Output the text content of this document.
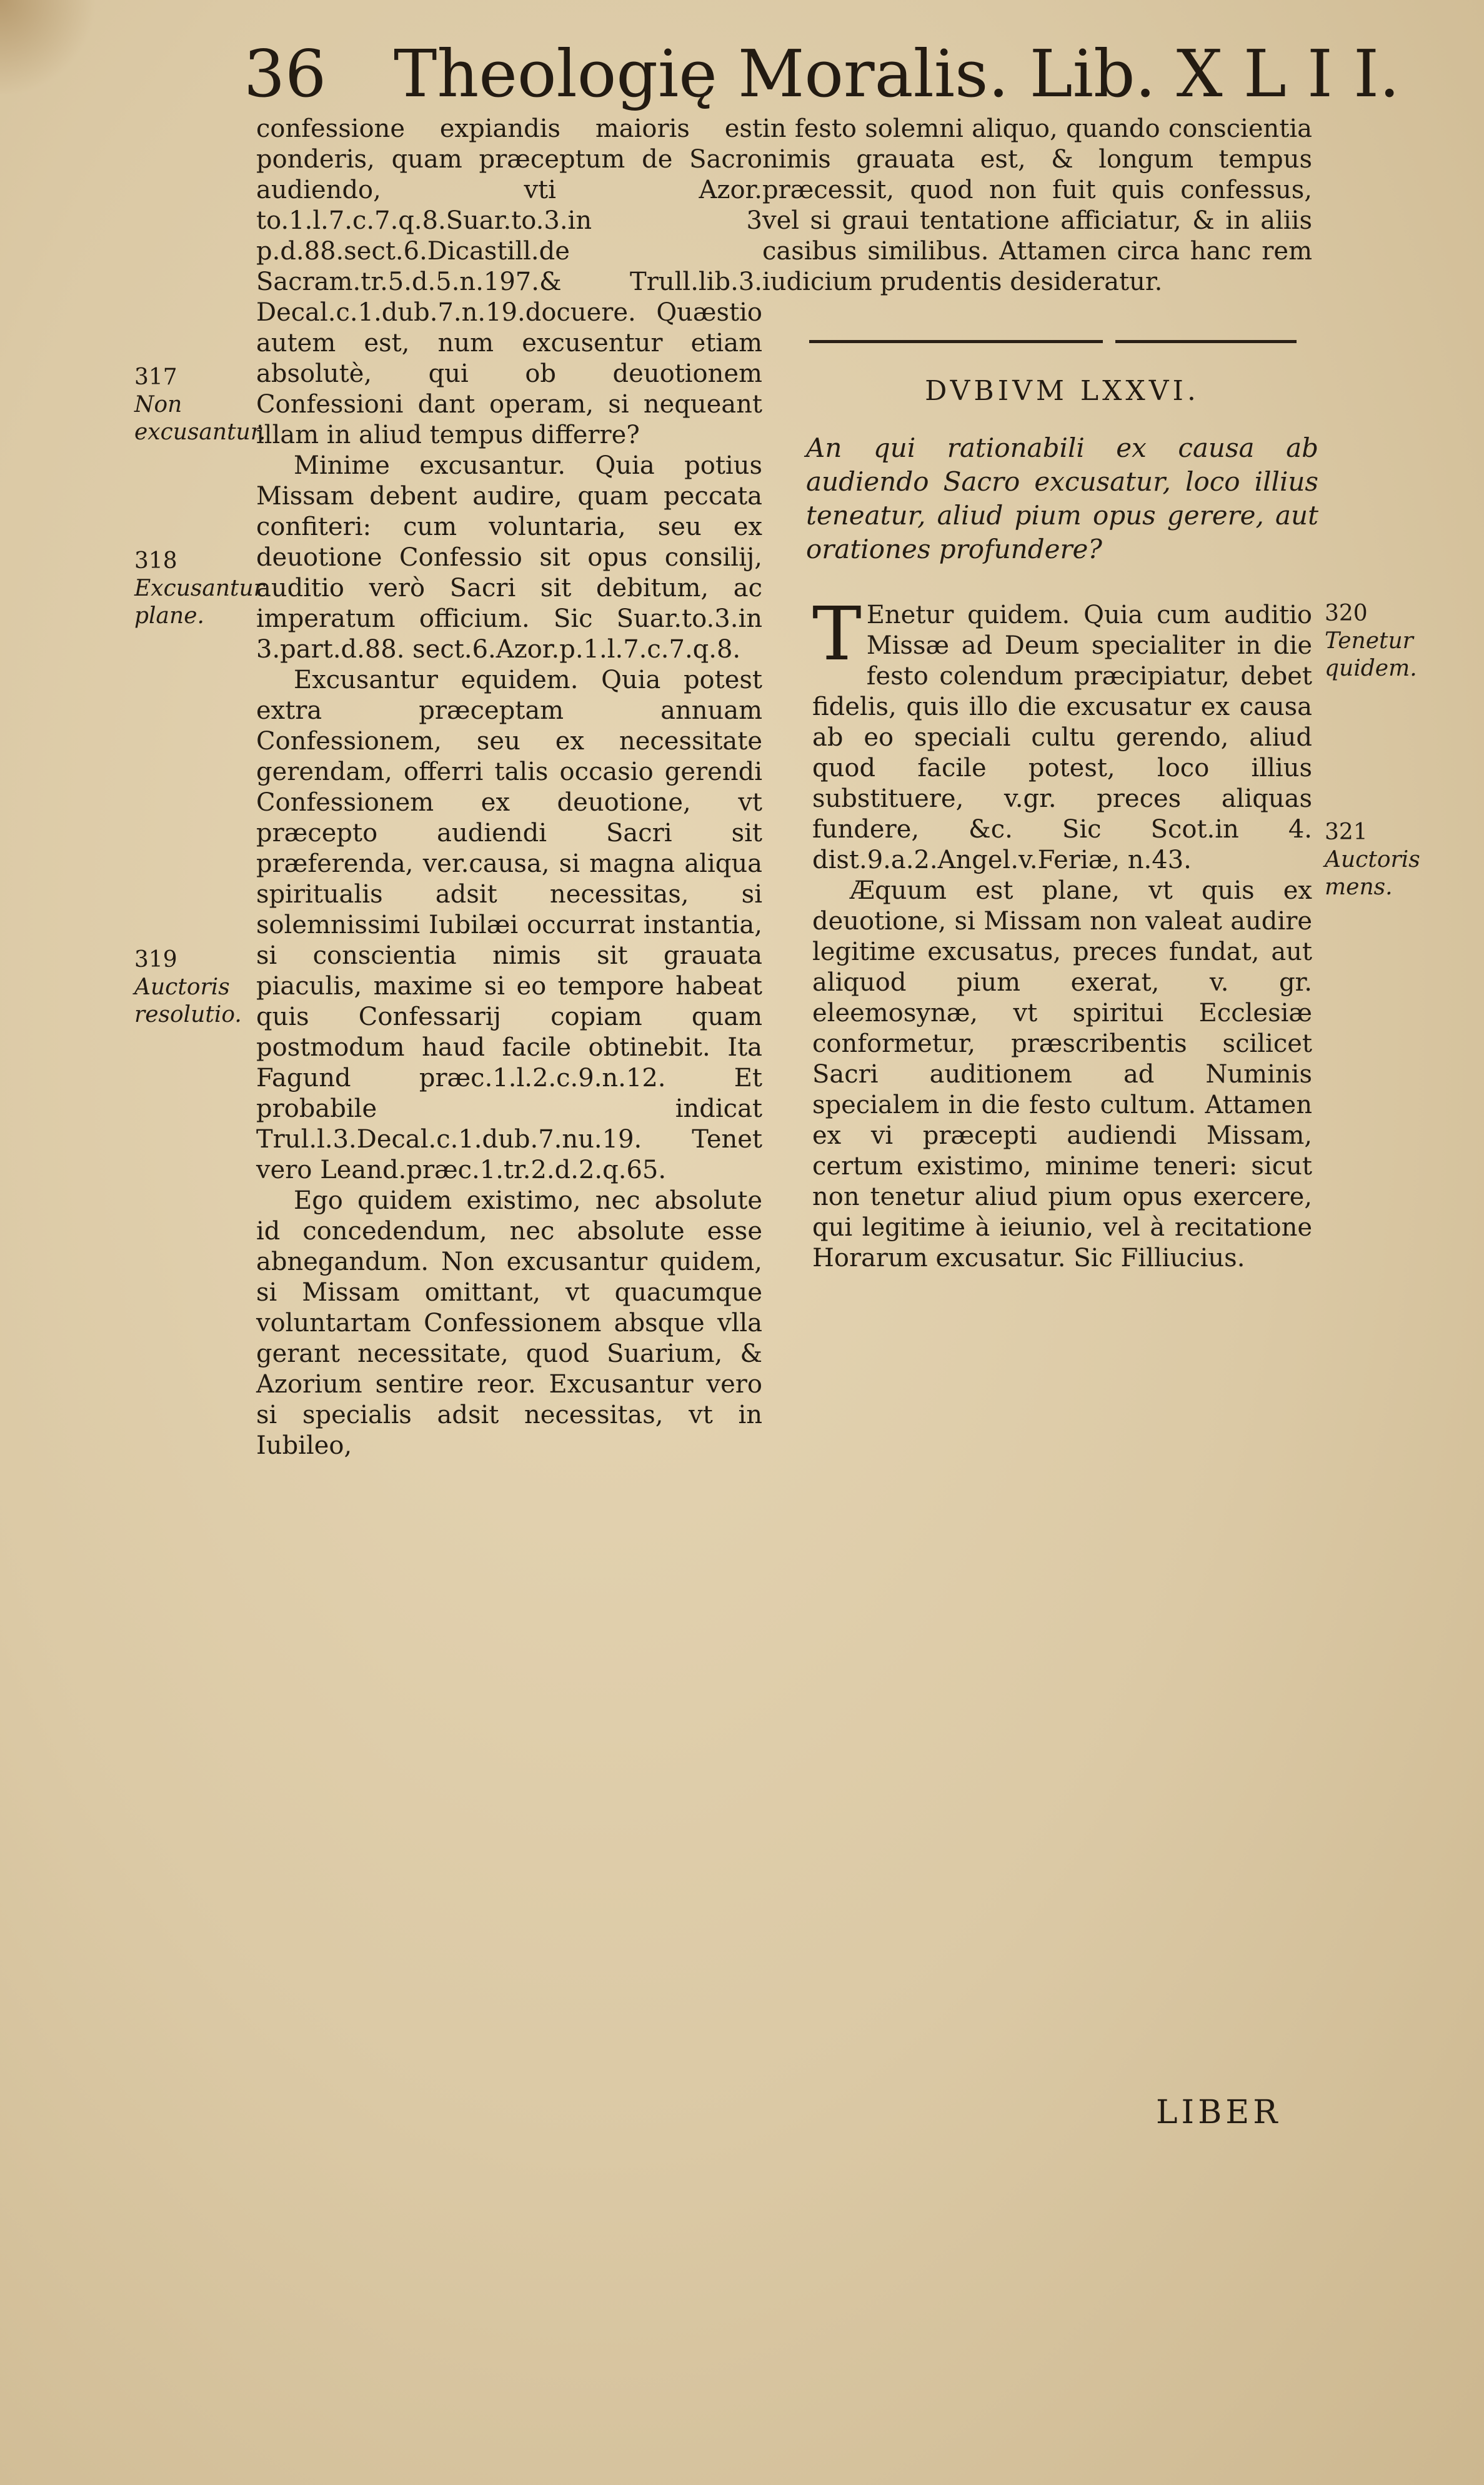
36 Theologię Moralis. Lib. X L I I.

confessione expiandis maioris est ponderis, quam præceptum de Sacro audiendo, vti Azor. to.1.l.7.c.7.q.8.Suar.to.3.in 3 p.d.88.sect.6.Dicastill.de Sacram.tr.5.d.5.n.197.& Trull.lib.3. Decal.c.1.dub.7.n.19.docuere. Quæstio autem est, num excusentur etiam absolutè, qui ob deuotionem Confessioni dant operam, si nequeant illam in aliud tempus differre?

Minime excusantur. Quia potius Missam debent audire, quam peccata confiteri: cum voluntaria, seu ex deuotione Confessio sit opus consilij, auditio verò Sacri sit debitum, ac imperatum officium. Sic Suar.to.3.in 3.part.d.88. sect.6.Azor.p.1.l.7.c.7.q.8.

Excusantur equidem. Quia potest extra præceptam annuam Confessionem, seu ex necessitate gerendam, offerri talis occasio gerendi Confessionem ex deuotione, vt præcepto audiendi Sacri sit præferenda, ver.causa, si magna aliqua spiritualis adsit necessitas, si solemnissimi Iubilæi occurrat instantia, si conscientia nimis sit grauata piaculis, maxime si eo tempore habeat quis Confessarij copiam quam postmodum haud facile obtinebit. Ita Fagund præc.1.l.2.c.9.n.12. Et probabile indicat Trul.l.3.Decal.c.1.dub.7.nu.19. Tenet vero Leand.præc.1.tr.2.d.2.q.65.

Ego quidem existimo, nec absolute id concedendum, nec absolute esse abnegandum. Non excusantur quidem, si Missam omittant, vt quacumque voluntartam Confessionem absque vlla gerant necessitate, quod Suarium, & Azorium sentire reor. Excusantur vero si specialis adsit necessitas, vt in Iubileo,

317
Non excusantur.
318
Excusantur plane.
319
Auctoris resolutio.

in festo solemni aliquo, quando conscientia nimis grauata est, & longum tempus præcessit, quod non fuit quis confessus, vel si graui tentatione afficiatur, & in aliis casibus similibus. Attamen circa hanc rem iudicium prudentis desideratur.

DVBIVM LXXVI.
An qui rationabili ex causa ab audiendo Sacro excusatur, loco illius teneatur, aliud pium opus gerere, aut orationes profundere?

T Enetur quidem. Quia cum auditio Missæ ad Deum specialiter in die festo colendum præcipiatur, debet fidelis, quis illo die excusatur ex causa ab eo speciali cultu gerendo, aliud quod facile potest, loco illius substituere, v.gr. preces aliquas fundere, &c. Sic Scot.in 4. dist.9.a.2.Angel.v.Feriæ, n.43.

Æquum est plane, vt quis ex deuotione, si Missam non valeat audire legitime excusatus, preces fundat, aut aliquod pium exerat, v. gr. eleemosynæ, vt spiritui Ecclesiæ conformetur, præscribentis scilicet Sacri auditionem ad Numinis specialem in die festo cultum. Attamen ex vi præcepti audiendi Missam, certum existimo, minime teneri: sicut non tenetur aliud pium opus exercere, qui legitime à ieiunio, vel à recitatione Horarum excusatur. Sic Filliucius.

320
Tenetur quidem.
321
Auctoris mens.
LIBER
